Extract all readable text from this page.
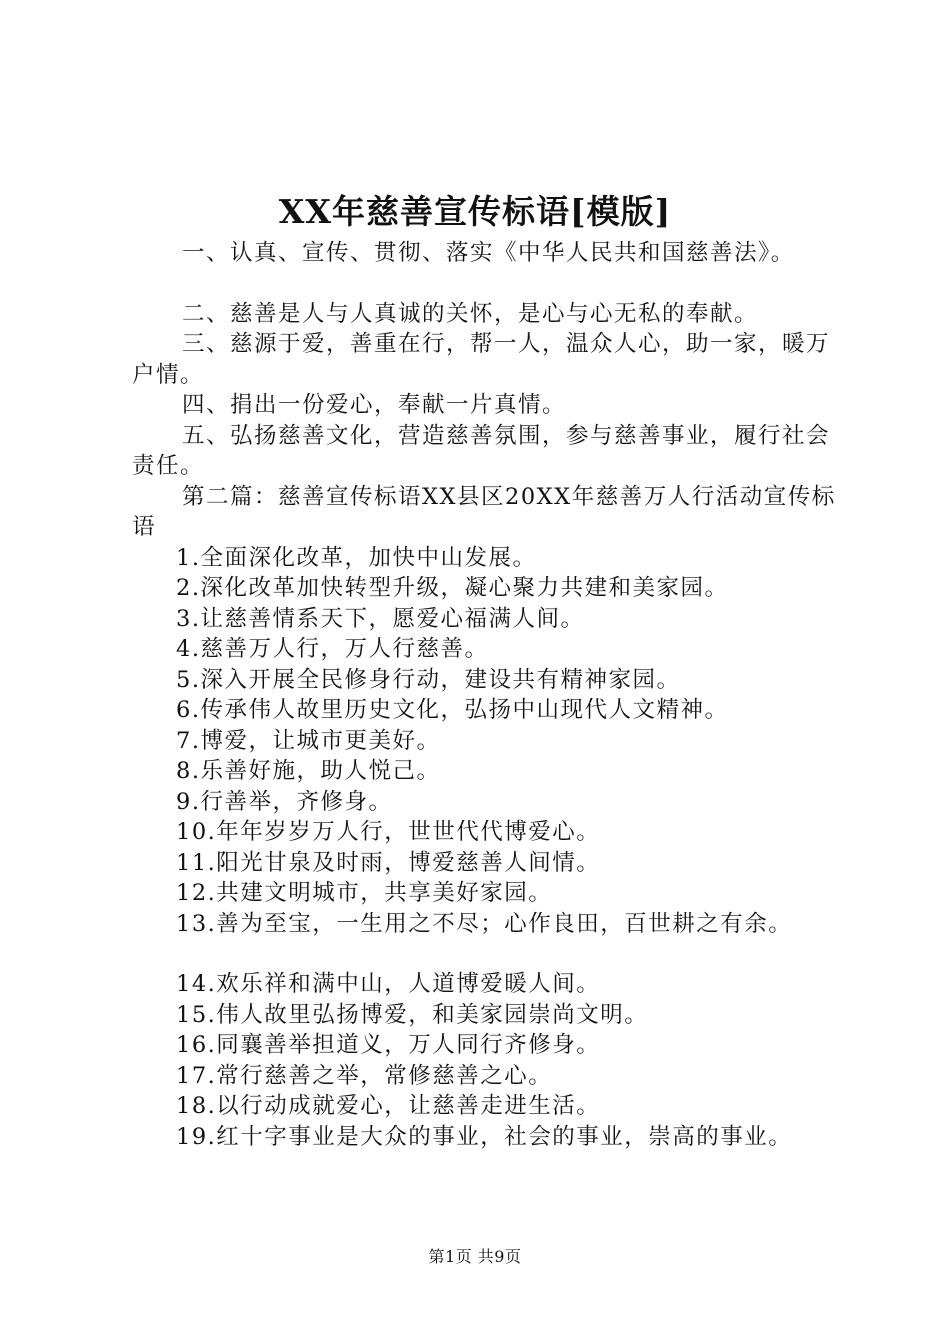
XX年慈善宣传标语[模版]

一、认真、宣传、贯彻、落实《中华人民共和国慈善法》。

二、慈善是人与人真诚的关怀，是心与心无私的奉献。

三、慈源于爱，善重在行，帮一人，温众人心，助一家，暖万户情。

四、捐出一份爱心，奉献一片真情。

五、弘扬慈善文化，营造慈善氛围，参与慈善事业，履行社会责任。

第二篇：慈善宣传标语XX县区20XX年慈善万人行活动宣传标语

1.全面深化改革，加快中山发展。

2.深化改革加快转型升级，凝心聚力共建和美家园。

3.让慈善情系天下，愿爱心福满人间。

4.慈善万人行，万人行慈善。

5.深入开展全民修身行动，建设共有精神家园。

6.传承伟人故里历史文化，弘扬中山现代人文精神。

7.博爱，让城市更美好。

8.乐善好施，助人悦己。

9.行善举，齐修身。

10.年年岁岁万人行，世世代代博爱心。

11.阳光甘泉及时雨，博爱慈善人间情。

12.共建文明城市，共享美好家园。

13.善为至宝，一生用之不尽；心作良田，百世耕之有余。

14.欢乐祥和满中山，人道博爱暖人间。

15.伟人故里弘扬博爱，和美家园崇尚文明。

16.同襄善举担道义，万人同行齐修身。

17.常行慈善之举，常修慈善之心。

18.以行动成就爱心，让慈善走进生活。

19.红十字事业是大众的事业，社会的事业，崇高的事业。

第1页 共9页
